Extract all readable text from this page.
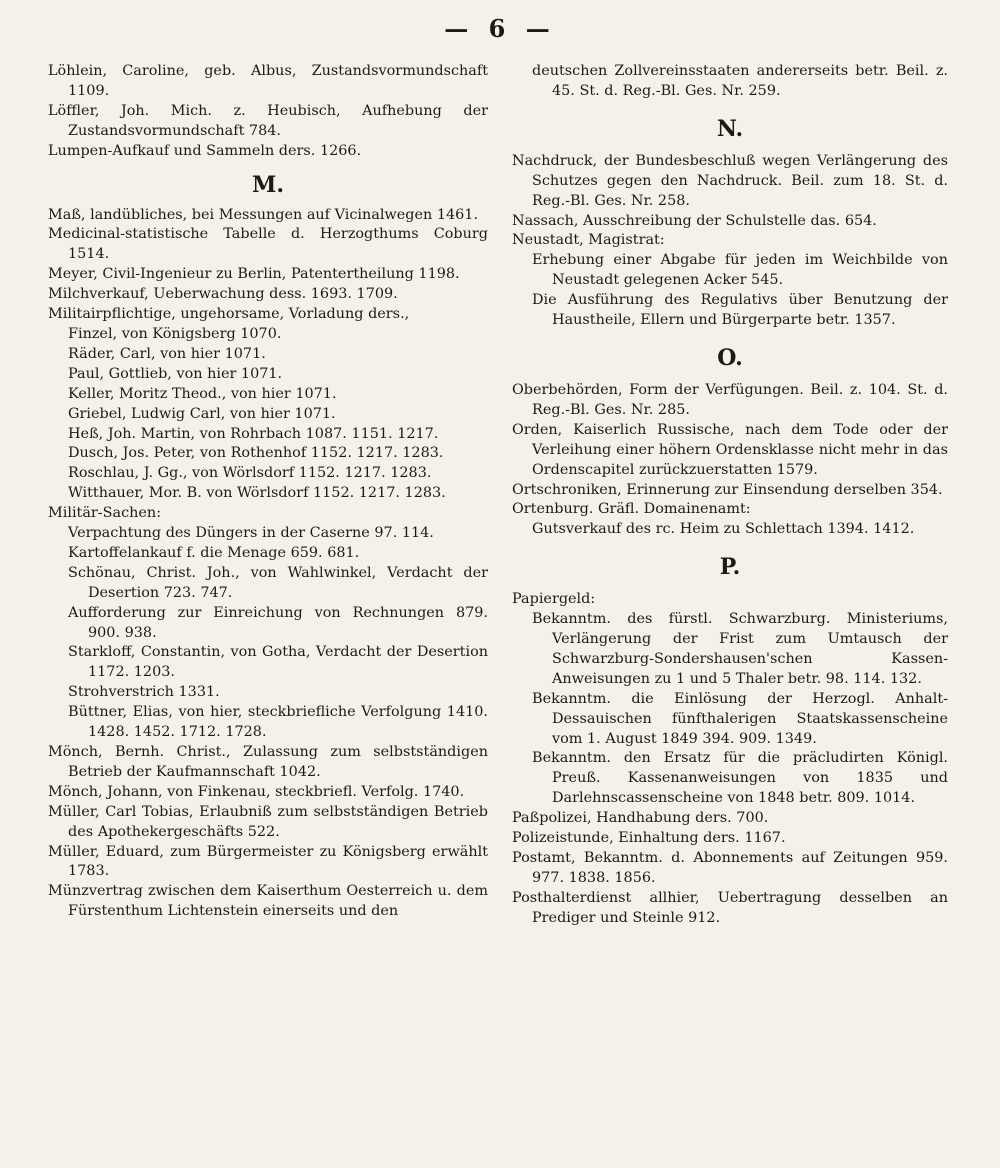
— 6 —

Löhlein, Caroline, geb. Albus, Zustandsvormundschaft 1109.

Löffler, Joh. Mich. z. Heubisch, Aufhebung der Zustandsvormundschaft 784.

Lumpen-Aufkauf und Sammeln ders. 1266.

M.

Maß, landübliches, bei Messungen auf Vicinalwegen 1461.

Medicinal-statistische Tabelle d. Herzogthums Coburg 1514.

Meyer, Civil-Ingenieur zu Berlin, Patentertheilung 1198.

Milchverkauf, Ueberwachung dess. 1693. 1709.

Militairpflichtige, ungehorsame, Vorladung ders.,

Finzel, von Königsberg 1070.

Räder, Carl, von hier 1071.

Paul, Gottlieb, von hier 1071.

Keller, Moritz Theod., von hier 1071.

Griebel, Ludwig Carl, von hier 1071.

Heß, Joh. Martin, von Rohrbach 1087. 1151. 1217.

Dusch, Jos. Peter, von Rothenhof 1152. 1217. 1283.

Roschlau, J. Gg., von Wörlsdorf 1152. 1217. 1283.

Witthauer, Mor. B. von Wörlsdorf 1152. 1217. 1283.

Militär-Sachen:

Verpachtung des Düngers in der Caserne 97. 114.

Kartoffelankauf f. die Menage 659. 681.

Schönau, Christ. Joh., von Wahlwinkel, Verdacht der Desertion 723. 747.

Aufforderung zur Einreichung von Rechnungen 879. 900. 938.

Starkloff, Constantin, von Gotha, Verdacht der Desertion 1172. 1203.

Strohverstrich 1331.

Büttner, Elias, von hier, steckbriefliche Verfolgung 1410. 1428. 1452. 1712. 1728.

Mönch, Bernh. Christ., Zulassung zum selbstständigen Betrieb der Kaufmannschaft 1042.

Mönch, Johann, von Finkenau, steckbriefl. Verfolg. 1740.

Müller, Carl Tobias, Erlaubniß zum selbstständigen Betrieb des Apothekergeschäfts 522.

Müller, Eduard, zum Bürgermeister zu Königsberg erwählt 1783.

Münzvertrag zwischen dem Kaiserthum Oesterreich u. dem Fürstenthum Lichtenstein einerseits und den

deutschen Zollvereinsstaaten andererseits betr. Beil. z. 45. St. d. Reg.-Bl. Ges. Nr. 259.

N.

Nachdruck, der Bundesbeschluß wegen Verlängerung des Schutzes gegen den Nachdruck. Beil. zum 18. St. d. Reg.-Bl. Ges. Nr. 258.

Nassach, Ausschreibung der Schulstelle das. 654.

Neustadt, Magistrat:

Erhebung einer Abgabe für jeden im Weichbilde von Neustadt gelegenen Acker 545.

Die Ausführung des Regulativs über Benutzung der Haustheile, Ellern und Bürgerparte betr. 1357.

O.

Oberbehörden, Form der Verfügungen. Beil. z. 104. St. d. Reg.-Bl. Ges. Nr. 285.

Orden, Kaiserlich Russische, nach dem Tode oder der Verleihung einer höhern Ordensklasse nicht mehr in das Ordenscapitel zurückzuerstatten 1579.

Ortschroniken, Erinnerung zur Einsendung derselben 354.

Ortenburg. Gräfl. Domainenamt:

Gutsverkauf des rc. Heim zu Schlettach 1394. 1412.

P.

Papiergeld:

Bekanntm. des fürstl. Schwarzburg. Ministeriums, Verlängerung der Frist zum Umtausch der Schwarzburg-Sondershausen'schen Kassen-Anweisungen zu 1 und 5 Thaler betr. 98. 114. 132.

Bekanntm. die Einlösung der Herzogl. Anhalt-Dessauischen fünfthalerigen Staatskassenscheine vom 1. August 1849 394. 909. 1349.

Bekanntm. den Ersatz für die präcludirten Königl. Preuß. Kassenanweisungen von 1835 und Darlehnscassenscheine von 1848 betr. 809. 1014.

Paßpolizei, Handhabung ders. 700.

Polizeistunde, Einhaltung ders. 1167.

Postamt, Bekanntm. d. Abonnements auf Zeitungen 959. 977. 1838. 1856.

Posthalterdienst allhier, Uebertragung desselben an Prediger und Steinle 912.
